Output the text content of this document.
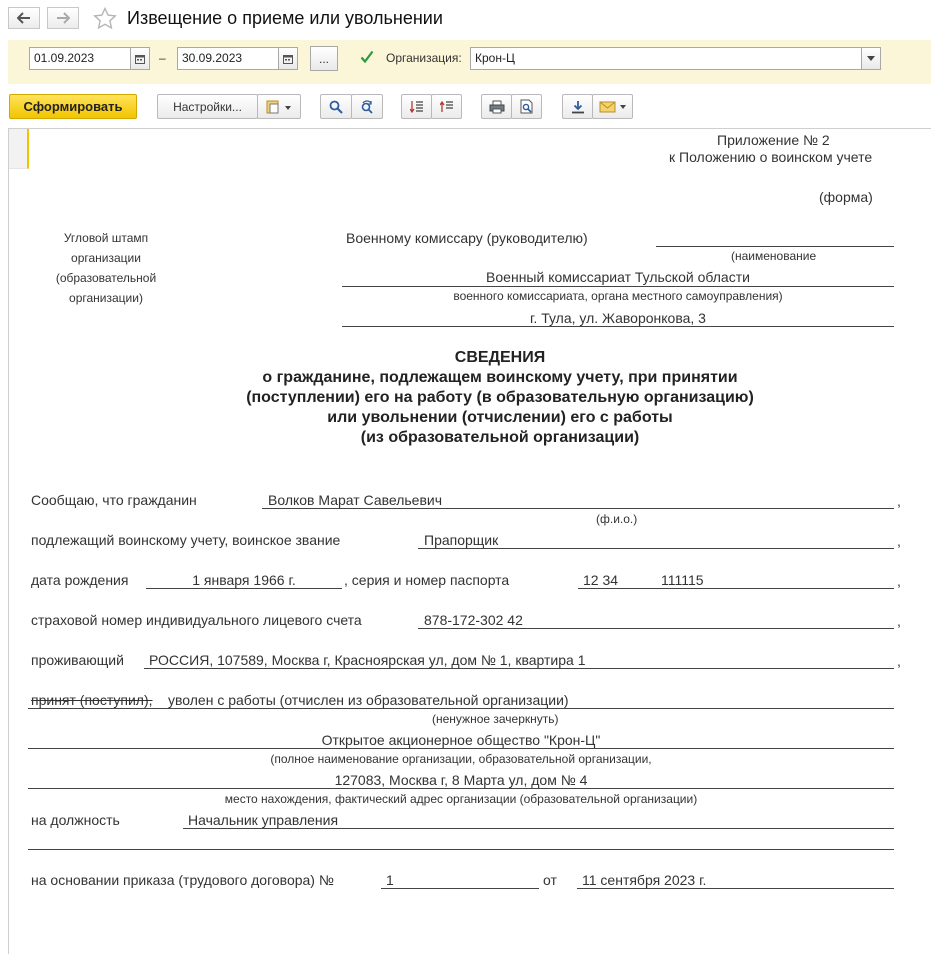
Извещение о приеме или увольнении
01.09.2023	–	30.09.2023	...	Организация:	Крон-Ц
Сформировать	Настройки...
Приложение № 2
к Положению о воинском учете
(форма)
Угловой штамп
организации
(образовательной
организации)
Военному комиссару (руководителю)
(наименование
Военный комиссариат Тульской области
военного комиссариата, органа местного самоуправления)
г. Тула, ул. Жаворонкова, 3
СВЕДЕНИЯ
о гражданине, подлежащем воинскому учету, при принятии
(поступлении) его на работу (в образовательную организацию)
или увольнении (отчислении) его с работы
(из образовательной организации)
Сообщаю, что гражданин	Волков Марат Савельевич	,
(ф.и.о.)
подлежащий воинскому учету, воинское звание	Прапорщик	,
дата рождения	1 января 1966 г.	, серия и номер паспорта	12 34	111115	,
страховой номер индивидуального лицевого счета	878-172-302 42	,
проживающий РОССИЯ, 107589, Москва г, Красноярская ул, дом № 1, квартира 1	,
принят (поступил), уволен с работы (отчислен из образовательной организации)
(ненужное зачеркнуть)
Открытое акционерное общество "Крон-Ц"
(полное наименование организации, образовательной организации,
127083, Москва г, 8 Марта ул, дом № 4
место нахождения, фактический адрес организации (образовательной организации)
на должность	Начальник управления
на основании приказа (трудового договора) №	1	от 11 сентября 2023 г.
